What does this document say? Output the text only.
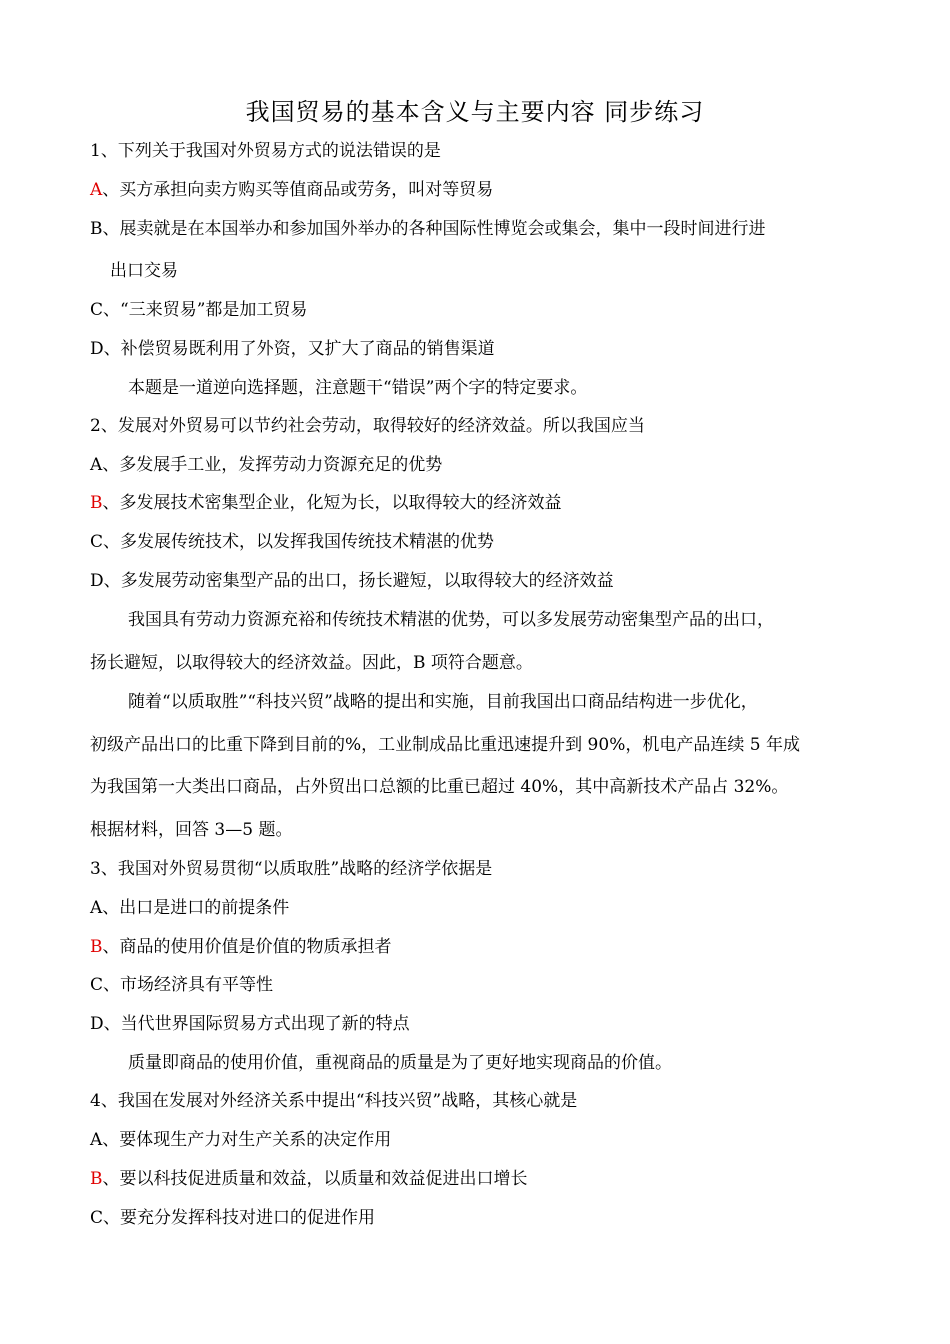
我国贸易的基本含义与主要内容 同步练习
1、下列关于我国对外贸易方式的说法错误的是
A、买方承担向卖方购买等值商品或劳务，叫对等贸易
B、展卖就是在本国举办和参加国外举办的各种国际性博览会或集会，集中一段时间进行进
出口交易
C、“三来贸易”都是加工贸易
D、补偿贸易既利用了外资，又扩大了商品的销售渠道
本题是一道逆向选择题，注意题干“错误”两个字的特定要求。
2、发展对外贸易可以节约社会劳动，取得较好的经济效益。所以我国应当
A、多发展手工业，发挥劳动力资源充足的优势
B、多发展技术密集型企业，化短为长，以取得较大的经济效益
C、多发展传统技术，以发挥我国传统技术精湛的优势
D、多发展劳动密集型产品的出口，扬长避短，以取得较大的经济效益
我国具有劳动力资源充裕和传统技术精湛的优势，可以多发展劳动密集型产品的出口，
扬长避短，以取得较大的经济效益。因此，B 项符合题意。
随着“以质取胜”“科技兴贸”战略的提出和实施，目前我国出口商品结构进一步优化，
初级产品出口的比重下降到目前的%，工业制成品比重迅速提升到 90%，机电产品连续 5 年成
为我国第一大类出口商品，占外贸出口总额的比重已超过 40%，其中高新技术产品占 32%。
根据材料，回答 3—5 题。
3、我国对外贸易贯彻“以质取胜”战略的经济学依据是
A、出口是进口的前提条件
B、商品的使用价值是价值的物质承担者
C、市场经济具有平等性
D、当代世界国际贸易方式出现了新的特点
质量即商品的使用价值，重视商品的质量是为了更好地实现商品的价值。
4、我国在发展对外经济关系中提出“科技兴贸”战略，其核心就是
A、要体现生产力对生产关系的决定作用
B、要以科技促进质量和效益，以质量和效益促进出口增长
C、要充分发挥科技对进口的促进作用
